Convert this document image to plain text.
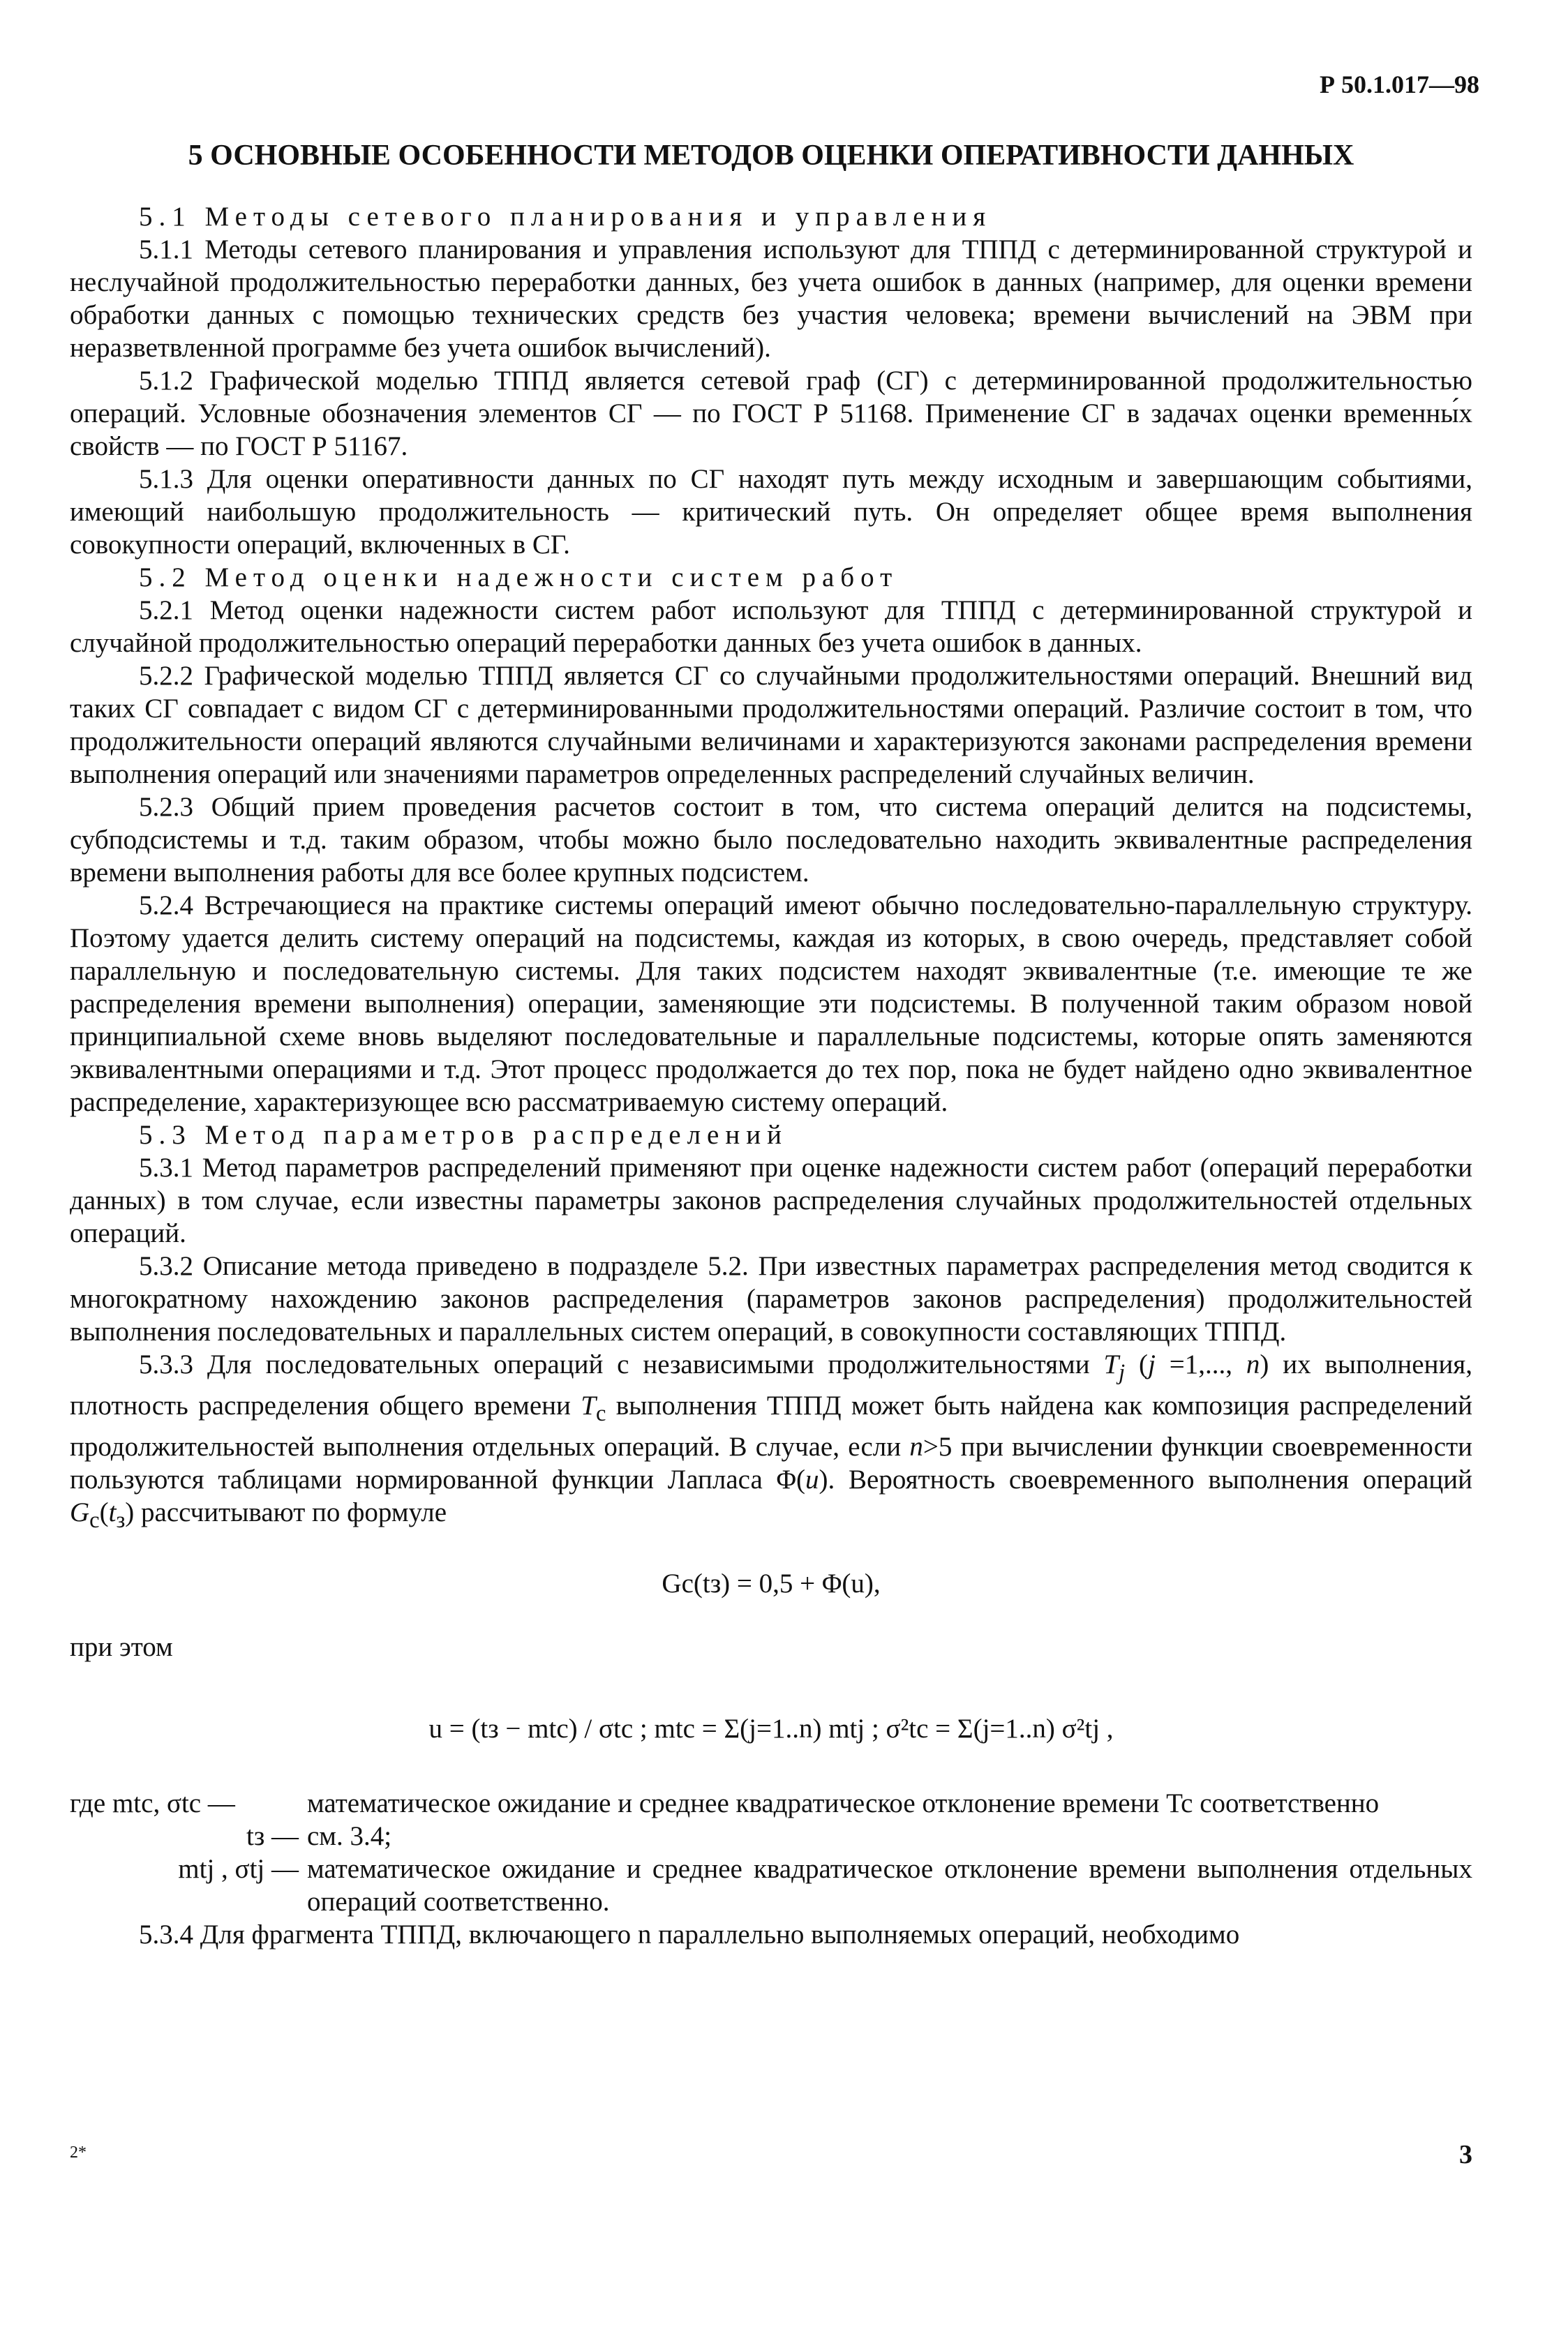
Р 50.1.017—98
5 ОСНОВНЫЕ ОСОБЕННОСТИ МЕТОДОВ ОЦЕНКИ ОПЕРАТИВНОСТИ ДАННЫХ
5.1 Методы сетевого планирования и управления

5.1.1 Методы сетевого планирования и управления используют для ТППД с детерминированной структурой и неслучайной продолжительностью переработки данных, без учета ошибок в данных (например, для оценки времени обработки данных с помощью технических средств без участия человека; времени вычислений на ЭВМ при неразветвленной программе без учета ошибок вычислений).

5.1.2 Графической моделью ТППД является сетевой граф (СГ) с детерминированной продолжительностью операций. Условные обозначения элементов СГ — по ГОСТ Р 51168. Применение СГ в задачах оценки временны́х свойств — по ГОСТ Р 51167.

5.1.3 Для оценки оперативности данных по СГ находят путь между исходным и завершающим событиями, имеющий наибольшую продолжительность — критический путь. Он определяет общее время выполнения совокупности операций, включенных в СГ.

5.2 Метод оценки надежности систем работ

5.2.1 Метод оценки надежности систем работ используют для ТППД с детерминированной структурой и случайной продолжительностью операций переработки данных без учета ошибок в данных.

5.2.2 Графической моделью ТППД является СГ со случайными продолжительностями операций. Внешний вид таких СГ совпадает с видом СГ с детерминированными продолжительностями операций. Различие состоит в том, что продолжительности операций являются случайными величинами и характеризуются законами распределения времени выполнения операций или значениями параметров определенных распределений случайных величин.

5.2.3 Общий прием проведения расчетов состоит в том, что система операций делится на подсистемы, субподсистемы и т.д. таким образом, чтобы можно было последовательно находить эквивалентные распределения времени выполнения работы для все более крупных подсистем.

5.2.4 Встречающиеся на практике системы операций имеют обычно последовательно-параллельную структуру. Поэтому удается делить систему операций на подсистемы, каждая из которых, в свою очередь, представляет собой параллельную и последовательную системы. Для таких подсистем находят эквивалентные (т.е. имеющие те же распределения времени выполнения) операции, заменяющие эти подсистемы. В полученной таким образом новой принципиальной схеме вновь выделяют последовательные и параллельные подсистемы, которые опять заменяются эквивалентными операциями и т.д. Этот процесс продолжается до тех пор, пока не будет найдено одно эквивалентное распределение, характеризующее всю рассматриваемую систему операций.

5.3 Метод параметров распределений

5.3.1 Метод параметров распределений применяют при оценке надежности систем работ (операций переработки данных) в том случае, если известны параметры законов распределения случайных продолжительностей отдельных операций.

5.3.2 Описание метода приведено в подразделе 5.2. При известных параметрах распределения метод сводится к многократному нахождению законов распределения (параметров законов распределения) продолжительностей выполнения последовательных и параллельных систем операций, в совокупности составляющих ТППД.

5.3.3 Для последовательных операций с независимыми продолжительностями $T_j$ (j =1,..., n) их выполнения, плотность распределения общего времени $T_c$ выполнения ТППД может быть найдена как композиция распределений продолжительностей выполнения отдельных операций. В случае, если n>5 при вычислении функции своевременности пользуются таблицами нормированной функции Лапласа Φ(u). Вероятность своевременного выполнения операций $G_c(t_з)$ рассчитывают по формуле

Gc(tз) = 0,5 + Φ(u),

при этом

u = (tз − mtc) / σtc ; mtc = Σ(j=1..n) mtj ; σ²tc = Σ(j=1..n) σ²tj ,
где mtc, σtc —	математическое ожидание и среднее квадратическое отклонение времени Tc соответственно
tз — см. 3.4;
mtj , σtj — математическое ожидание и среднее квадратическое отклонение времени выполнения отдельных операций соответственно.

5.3.4 Для фрагмента ТППД, включающего n параллельно выполняемых операций, необходимо

2*	3
